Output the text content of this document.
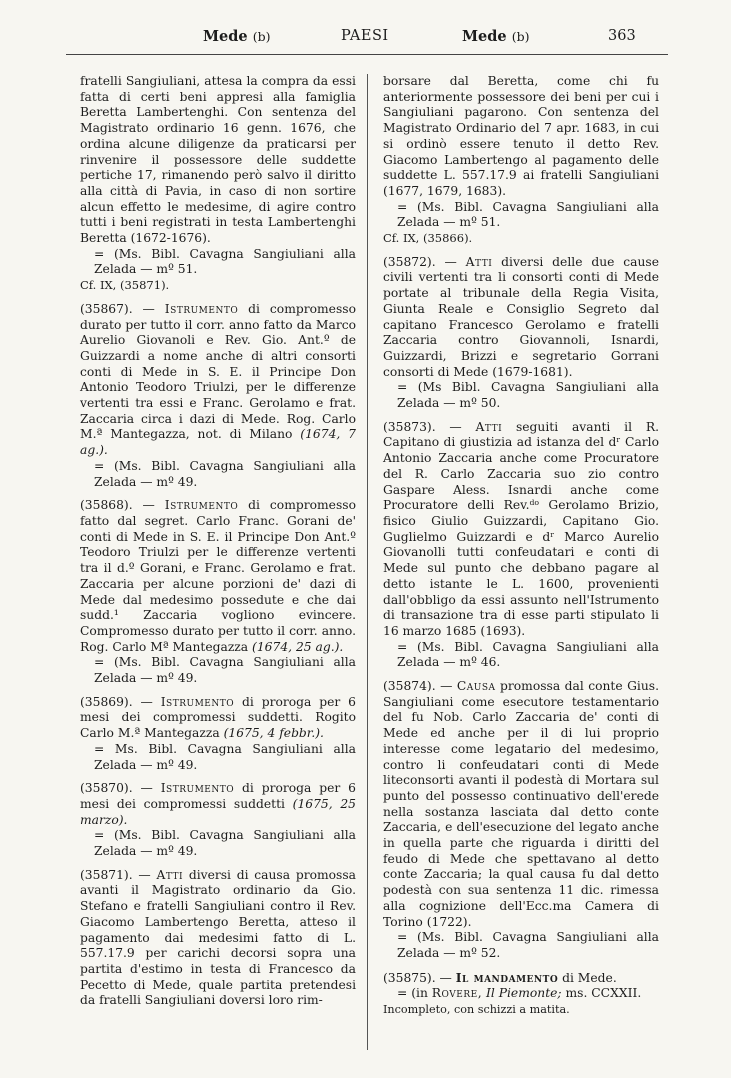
Mede (b)	PAESI	Mede (b)	363

fratelli Sangiuliani, attesa la compra da essi fatta di certi beni appresi alla famiglia Beretta Lambertenghi. Con sentenza del Magistrato ordinario 16 genn. 1676, che ordina alcune diligenze da praticarsi per rinvenire il possessore delle suddette pertiche 17, rimanendo però salvo il diritto alla città di Pavia, in caso di non sortire alcun effetto le medesime, di agire contro tutti i beni registrati in testa Lambertenghi Beretta (1672-1676).

= (Ms. Bibl. Cavagna Sangiuliani alla Zelada — mº 51.

Cf. IX, (35871).

(35867). — Istrumento di compromesso durato per tutto il corr. anno fatto da Marco Aurelio Giovanoli e Rev. Gio. Ant.º de Guizzardi a nome anche di altri consorti conti di Mede in S. E. il Principe Don Antonio Teodoro Triulzi, per le differenze vertenti tra essi e Franc. Gerolamo e frat. Zaccaria circa i dazi di Mede. Rog. Carlo M.ª Mantegazza, not. di Milano (1674, 7 ag.).

= (Ms. Bibl. Cavagna Sangiuliani alla Zelada — mº 49.

(35868). — Istrumento di compromesso fatto dal segret. Carlo Franc. Gorani de' conti di Mede in S. E. il Principe Don Ant.º Teodoro Triulzi per le differenze vertenti tra il d.º Gorani, e Franc. Gerolamo e frat. Zaccaria per alcune porzioni de' dazi di Mede dal medesimo possedute e che dai sudd.¹ Zaccaria vogliono evincere. Compromesso durato per tutto il corr. anno. Rog. Carlo Mª Mantegazza (1674, 25 ag.).

= (Ms. Bibl. Cavagna Sangiuliani alla Zelada — mº 49.

(35869). — Istrumento di proroga per 6 mesi dei compromessi suddetti. Rogito Carlo M.ª Mantegazza (1675, 4 febbr.).

= Ms. Bibl. Cavagna Sangiuliani alla Zelada — mº 49.

(35870). — Istrumento di proroga per 6 mesi dei compromessi suddetti (1675, 25 marzo).

= (Ms. Bibl. Cavagna Sangiuliani alla Zelada — mº 49.

(35871). — Atti diversi di causa promossa avanti il Magistrato ordinario da Gio. Stefano e fratelli Sangiuliani contro il Rev. Giacomo Lambertengo Beretta, atteso il pagamento dai medesimi fatto di L. 557.17.9 per carichi decorsi sopra una partita d'estimo in testa di Francesco da Pecetto di Mede, quale partita pretendesi da fratelli Sangiuliani doversi loro rim-

borsare dal Beretta, come chi fu anteriormente possessore dei beni per cui i Sangiuliani pagarono. Con sentenza del Magistrato Ordinario del 7 apr. 1683, in cui si ordinò essere tenuto il detto Rev. Giacomo Lambertengo al pagamento delle suddette L. 557.17.9 ai fratelli Sangiuliani (1677, 1679, 1683).

= (Ms. Bibl. Cavagna Sangiuliani alla Zelada — mº 51.

Cf. IX, (35866).

(35872). — Atti diversi delle due cause civili vertenti tra li consorti conti di Mede portate al tribunale della Regia Visita, Giunta Reale e Consiglio Segreto dal capitano Francesco Gerolamo e fratelli Zaccaria contro Giovannoli, Isnardi, Guizzardi, Brizzi e segretario Gorrani consorti di Mede (1679-1681).

= (Ms Bibl. Cavagna Sangiuliani alla Zelada — mº 50.

(35873). — Atti seguiti avanti il R. Capitano di giustizia ad istanza del dʳ Carlo Antonio Zaccaria anche come Procuratore del R. Carlo Zaccaria suo zio contro Gaspare Aless. Isnardi anche come Procuratore delli Rev.ᵈᵒ Gerolamo Brizio, fisico Giulio Guizzardi, Capitano Gio. Guglielmo Guizzardi e dʳ Marco Aurelio Giovanolli tutti confeudatari e conti di Mede sul punto che debbano pagare al detto istante le L. 1600, provenienti dall'obbligo da essi assunto nell'Istrumento di transazione tra di esse parti stipulato li 16 marzo 1685 (1693).

= (Ms. Bibl. Cavagna Sangiuliani alla Zelada — mº 46.

(35874). — Causa promossa dal conte Gius. Sangiuliani come esecutore testamentario del fu Nob. Carlo Zaccaria de' conti di Mede ed anche per il di lui proprio interesse come legatario del medesimo, contro li confeudatari conti di Mede liteconsorti avanti il podestà di Mortara sul punto del possesso continuativo dell'erede nella sostanza lasciata dal detto conte Zaccaria, e dell'esecuzione del legato anche in quella parte che riguarda i diritti del feudo di Mede che spettavano al detto conte Zaccaria; la qual causa fu dal detto podestà con sua sentenza 11 dic. rimessa alla cognizione dell'Ecc.ma Camera di Torino (1722).

= (Ms. Bibl. Cavagna Sangiuliani alla Zelada — mº 52.

(35875). — Il mandamento di Mede.

= (in Rovere, Il Piemonte; ms. CCXXII.

Incompleto, con schizzi a matita.
